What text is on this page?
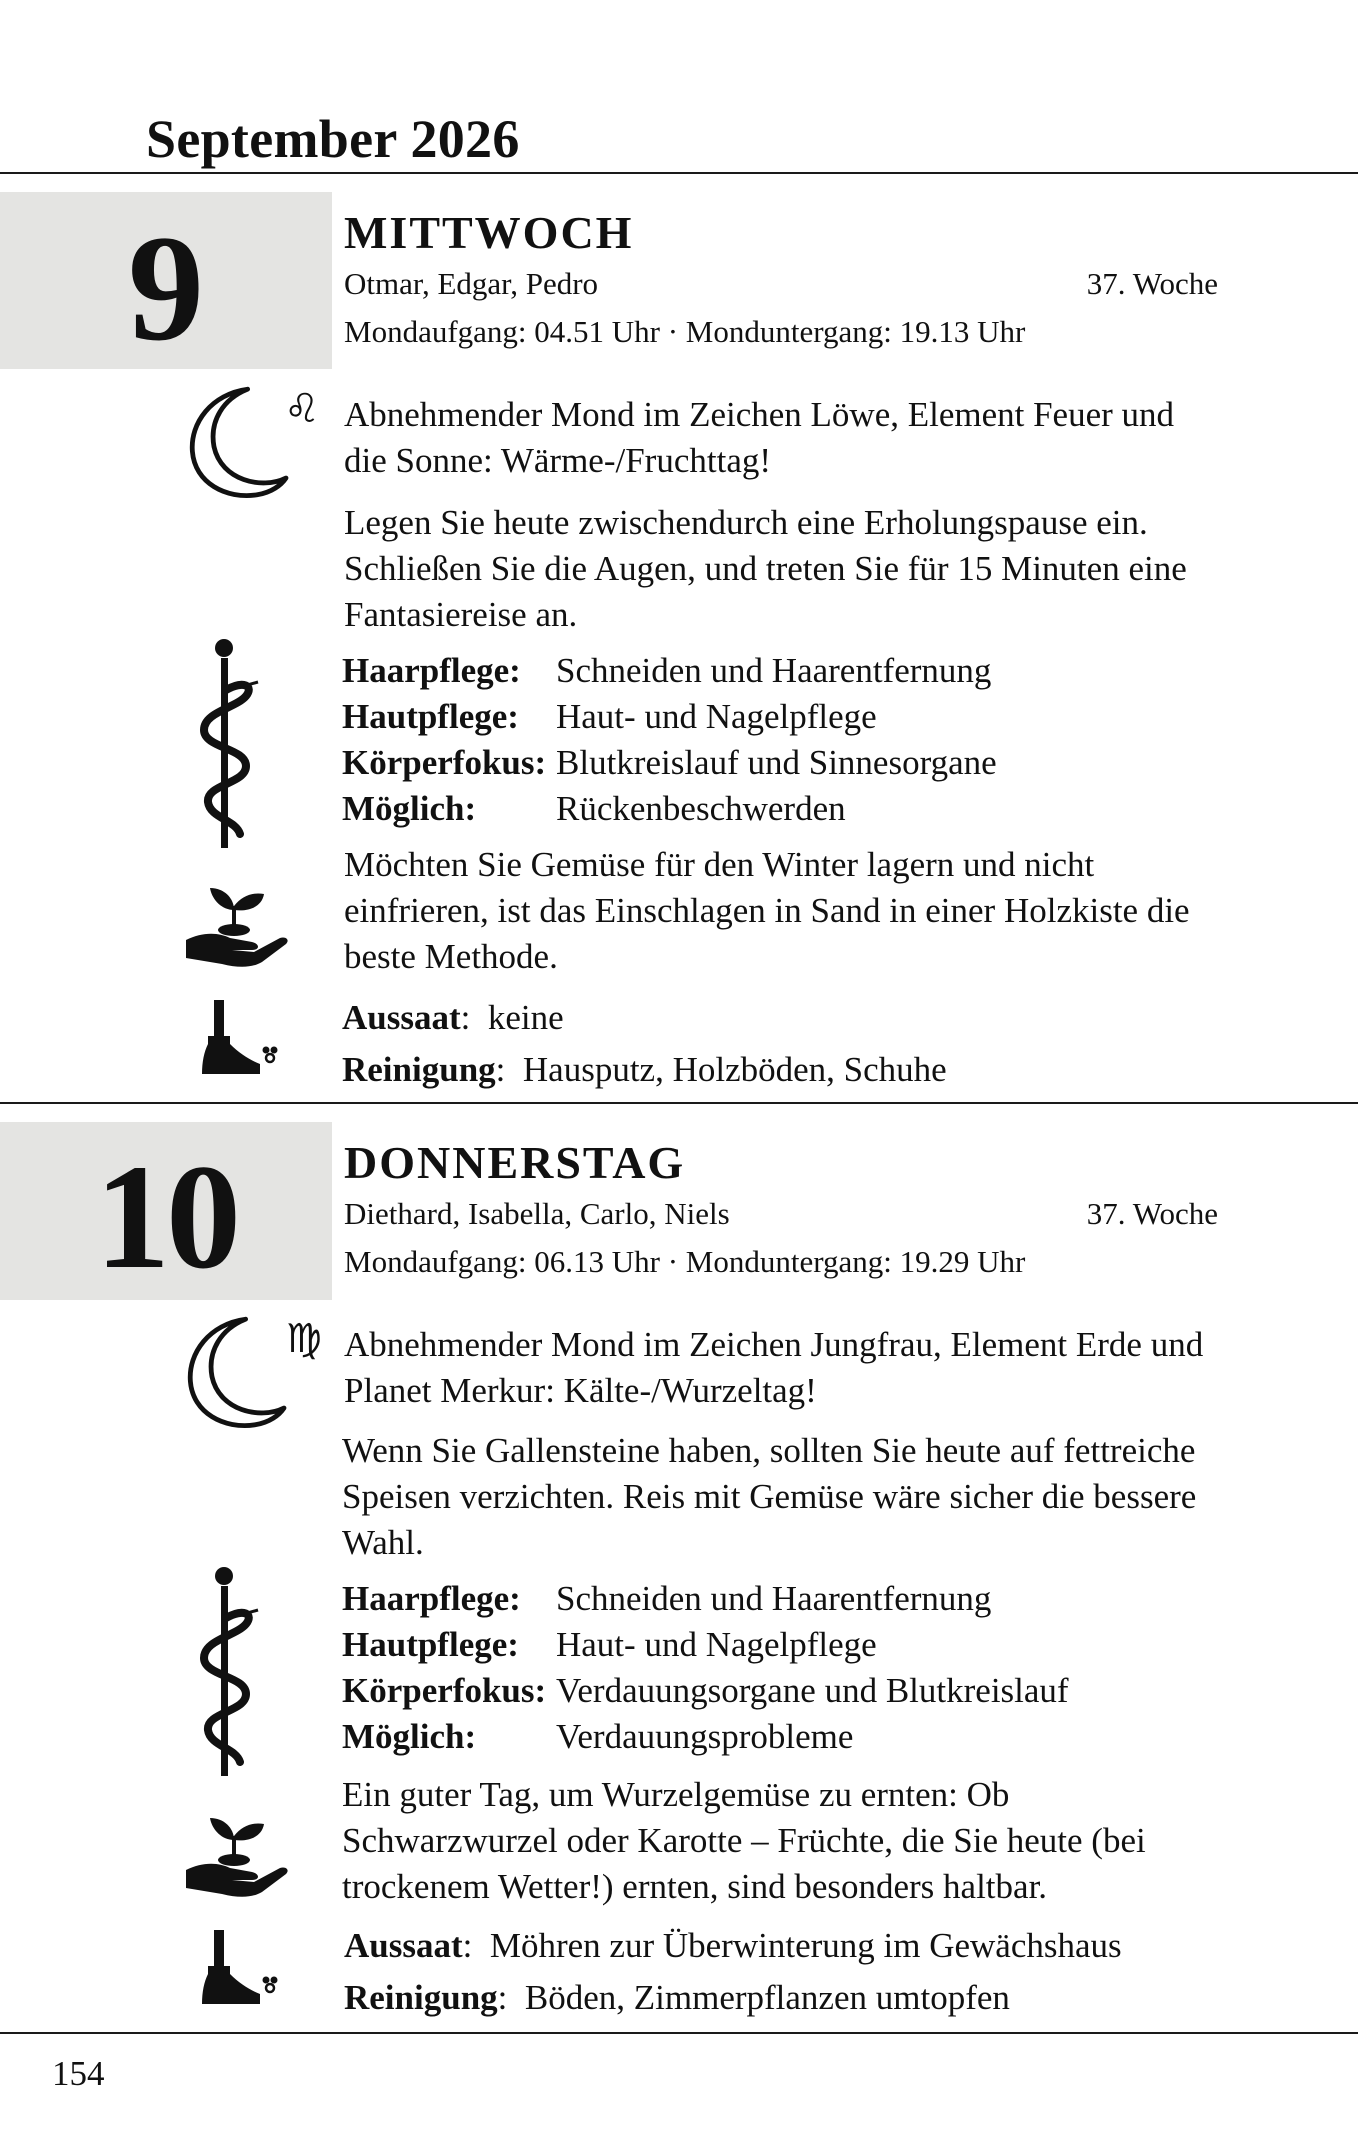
September 2026
9	MITTWOCH
Otmar, Edgar, Pedro	37. Woche
Mondaufgang: 04.51 Uhr · Monduntergang: 19.13 Uhr
♌ Abnehmender Mond im Zeichen Löwe, Element Feuer und die Sonne: Wärme-/Fruchttag!

Legen Sie heute zwischendurch eine Erholungspause ein. Schließen Sie die Augen, und treten Sie für 15 Minuten eine Fantasiereise an.

Haarpflege:	Schneiden und Haarentfernung
Hautpflege:	Haut- und Nagelpflege
Körperfokus: Blutkreislauf und Sinnesorgane
Möglich:	Rückenbeschwerden

Möchten Sie Gemüse für den Winter lagern und nicht einfrieren, ist das Einschlagen in Sand in einer Holzkiste die beste Methode.

Aussaat:  keine
Reinigung:  Hausputz, Holzböden, Schuhe
10	DONNERSTAG
Diethard, Isabella, Carlo, Niels	37. Woche
Mondaufgang: 06.13 Uhr · Monduntergang: 19.29 Uhr
♍ Abnehmender Mond im Zeichen Jungfrau, Element Erde und Planet Merkur: Kälte-/Wurzeltag!

Wenn Sie Gallensteine haben, sollten Sie heute auf fettreiche Speisen verzichten. Reis mit Gemüse wäre sicher die bessere Wahl.

Haarpflege:	Schneiden und Haarentfernung
Hautpflege:	Haut- und Nagelpflege
Körperfokus: Verdauungsorgane und Blutkreislauf
Möglich:	Verdauungsprobleme

Ein guter Tag, um Wurzelgemüse zu ernten: Ob Schwarzwurzel oder Karotte – Früchte, die Sie heute (bei trockenem Wetter!) ernten, sind besonders haltbar.

Aussaat:  Möhren zur Überwinterung im Gewächshaus
Reinigung:  Böden, Zimmerpflanzen umtopfen
154
